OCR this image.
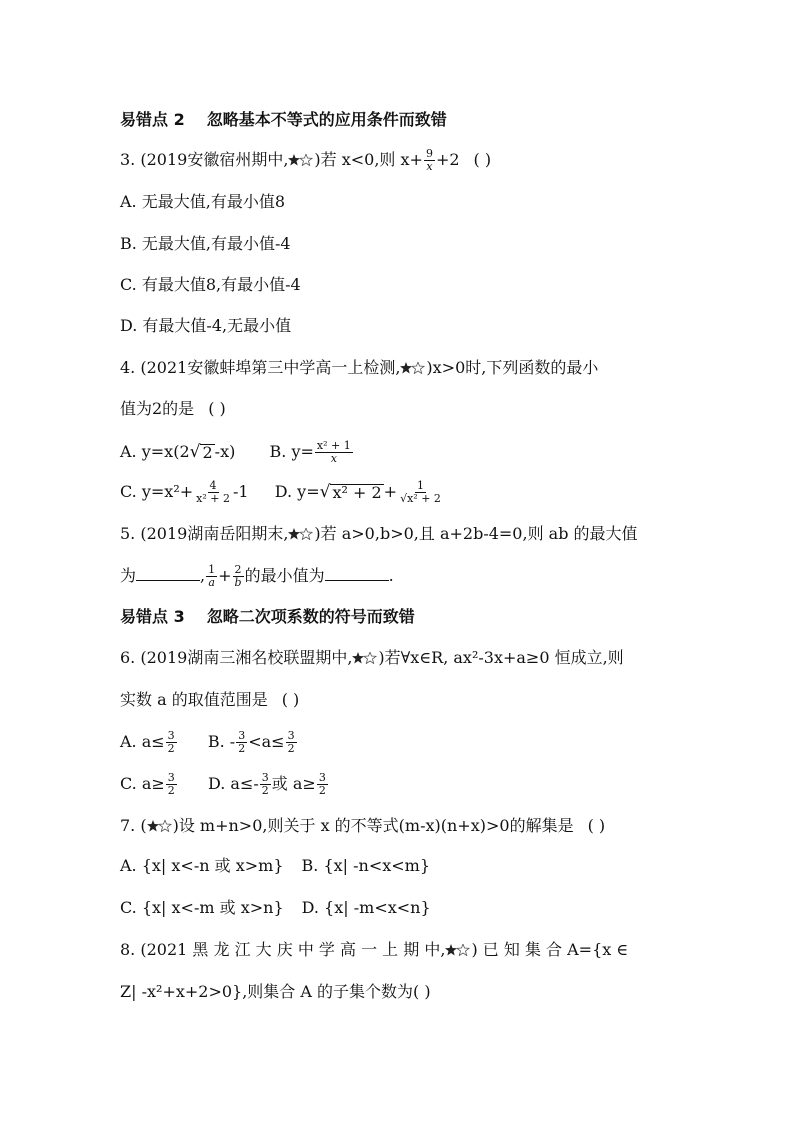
易错点 2 忽略基本不等式的应用条件而致错
3. (2019安徽宿州期中, )若 x<0,则 $x+ \frac{9}{x} +2$ ( )
A. 无最大值,有最小值8
B. 无最大值,有最小值-4
C. 有最大值8,有最小值-4
D. 有最大值-4,无最小值
4. (2021安徽蚌埠第三中学高一上检测, )x>0时,下列函数的最小
值为2的是 ( )
A. y=x(2 √ 2 -x) B. $y= \frac{\text{x² + 1}}{x}$
C. $y=x^2+ \frac{4}{\text{x² + 2}} -1$ D. y= √ $x^2 + 2 + \frac{1}{\text{√x² + 2}}$
5. (2019湖南岳阳期末, )若 a>0,b>0,且 a+2b-4=0,则 ab 的最大值
为	, $\frac{1}{a} + \frac{2}{b}$ 的最小值为	.
易错点 3 忽略二次项系数的符号而致错
6. (2019湖南三湘名校联盟期中, )若∀x∈R, ax²-3x+a≥0 恒成立,则
实数 a 的取值范围是 ( )
A. $a\le \frac{3}{2} B$. - $\frac{3}{2} <a\le \frac{3}{2}$
C. $a\ge \frac{3}{2} D$. $a\le- \frac{3}{2}$ 或 $a\ge \frac{3}{2}$
7. ( )设 m+n>0,则关于 x 的不等式(m-x)(n+x)>0的解集是 ( )
A. {x| x<-n 或 x>m} B. {x| -n<x<m}
C. {x| x<-m 或 x>n} D. {x| -m<x<n}
8. (2021 黑 龙 江 大 庆 中 学 高 一 上 期 中, ) 已 知 集 合 A={x ∈
Z| -x²+x+2>0},则集合 A 的子集个数为( )
